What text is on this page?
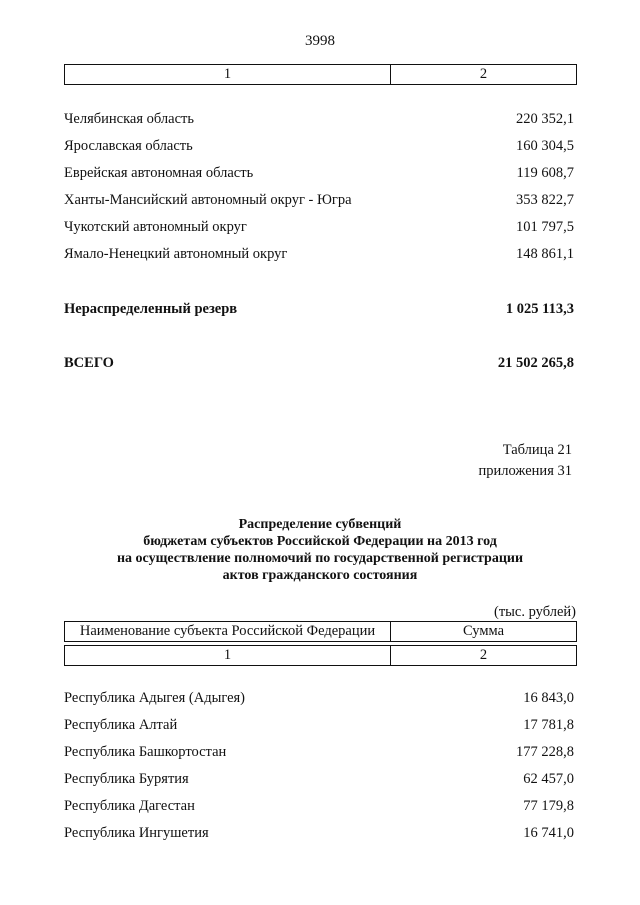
3998
1	2
Челябинская область	220 352,1
Ярославская область	160 304,5
Еврейская автономная область	119 608,7
Ханты-Мансийский автономный округ - Югра	353 822,7
Чукотский автономный округ	101 797,5
Ямало-Ненецкий автономный округ	148 861,1
Нераспределенный резерв	1 025 113,3
ВСЕГО	21 502 265,8
Таблица 21
приложения 31
Распределение субвенций
бюджетам субъектов Российской Федерации на 2013 год
на осуществление полномочий по государственной регистрации
актов гражданского состояния
(тыс. рублей)
Наименование субъекта Российской Федерации	Сумма
1	2
Республика Адыгея (Адыгея)	16 843,0
Республика Алтай	17 781,8
Республика Башкортостан	177 228,8
Республика Бурятия	62 457,0
Республика Дагестан	77 179,8
Республика Ингушетия	16 741,0
